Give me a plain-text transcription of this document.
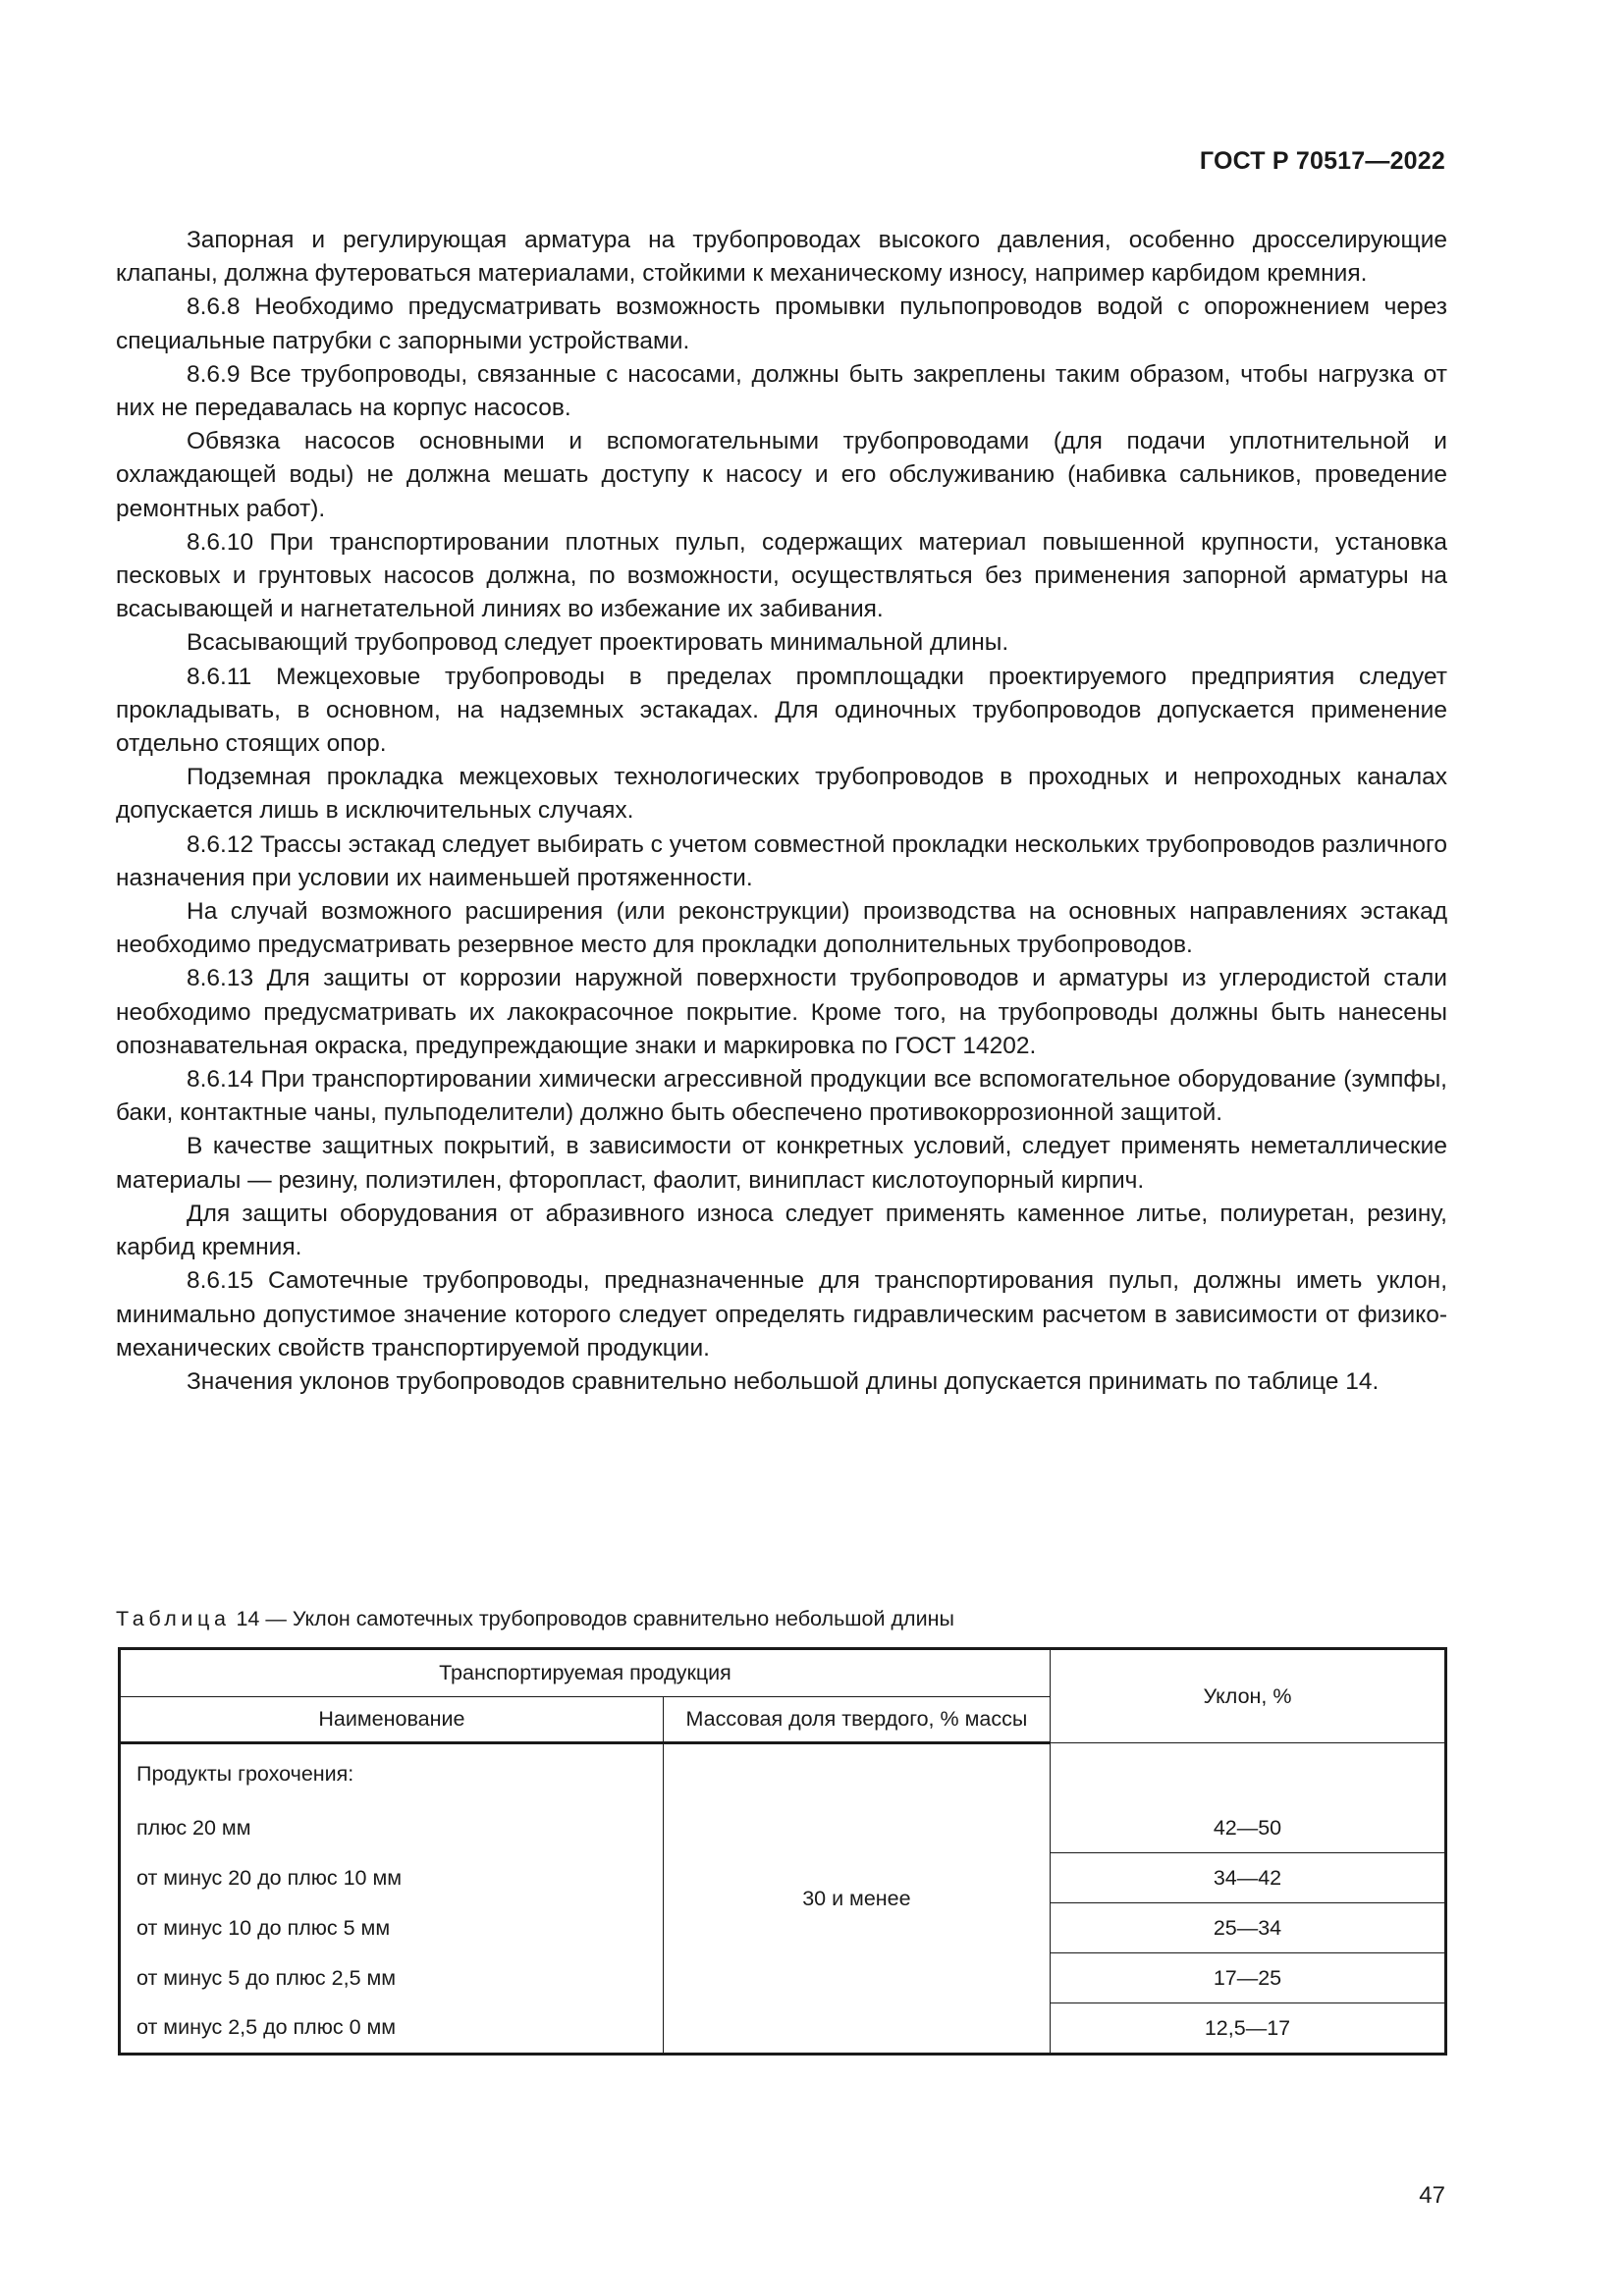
ГОСТ Р 70517—2022

Запорная и регулирующая арматура на трубопроводах высокого давления, особенно дросселирующие клапаны, должна футероваться материалами, стойкими к механическому износу, например карбидом кремния.

8.6.8 Необходимо предусматривать возможность промывки пульпопроводов водой с опорожнением через специальные патрубки с запорными устройствами.

8.6.9 Все трубопроводы, связанные с насосами, должны быть закреплены таким образом, чтобы нагрузка от них не передавалась на корпус насосов.

Обвязка насосов основными и вспомогательными трубопроводами (для подачи уплотнительной и охлаждающей воды) не должна мешать доступу к насосу и его обслуживанию (набивка сальников, проведение ремонтных работ).

8.6.10 При транспортировании плотных пульп, содержащих материал повышенной крупности, установка песковых и грунтовых насосов должна, по возможности, осуществляться без применения запорной арматуры на всасывающей и нагнетательной линиях во избежание их забивания.

Всасывающий трубопровод следует проектировать минимальной длины.

8.6.11 Межцеховые трубопроводы в пределах промплощадки проектируемого предприятия следует прокладывать, в основном, на надземных эстакадах. Для одиночных трубопроводов допускается применение отдельно стоящих опор.

Подземная прокладка межцеховых технологических трубопроводов в проходных и непроходных каналах допускается лишь в исключительных случаях.

8.6.12 Трассы эстакад следует выбирать с учетом совместной прокладки нескольких трубопроводов различного назначения при условии их наименьшей протяженности.

На случай возможного расширения (или реконструкции) производства на основных направлениях эстакад необходимо предусматривать резервное место для прокладки дополнительных трубопроводов.

8.6.13 Для защиты от коррозии наружной поверхности трубопроводов и арматуры из углеродистой стали необходимо предусматривать их лакокрасочное покрытие. Кроме того, на трубопроводы должны быть нанесены опознавательная окраска, предупреждающие знаки и маркировка по ГОСТ 14202.

8.6.14 При транспортировании химически агрессивной продукции все вспомогательное оборудование (зумпфы, баки, контактные чаны, пульподелители) должно быть обеспечено противокоррозионной защитой.

В качестве защитных покрытий, в зависимости от конкретных условий, следует применять неметаллические материалы — резину, полиэтилен, фторопласт, фаолит, винипласт кислотоупорный кирпич.

Для защиты оборудования от абразивного износа следует применять каменное литье, полиуретан, резину, карбид кремния.

8.6.15 Самотечные трубопроводы, предназначенные для транспортирования пульп, должны иметь уклон, минимально допустимое значение которого следует определять гидравлическим расчетом в зависимости от физико-механических свойств транспортируемой продукции.

Значения уклонов трубопроводов сравнительно небольшой длины допускается принимать по таблице 14.

Таблица 14 — Уклон самотечных трубопроводов сравнительно небольшой длины
Транспортируемая продукция		Уклон, %
Наименование	Массовая доля твердого, % массы	
Продукты грохочения:	30 и менее	
плюс 20 мм		42—50
от минус 20 до плюс 10 мм		34—42
от минус 10 до плюс 5 мм		25—34
от минус 5 до плюс 2,5 мм		17—25
от минус 2,5 до плюс 0 мм		12,5—17
47
